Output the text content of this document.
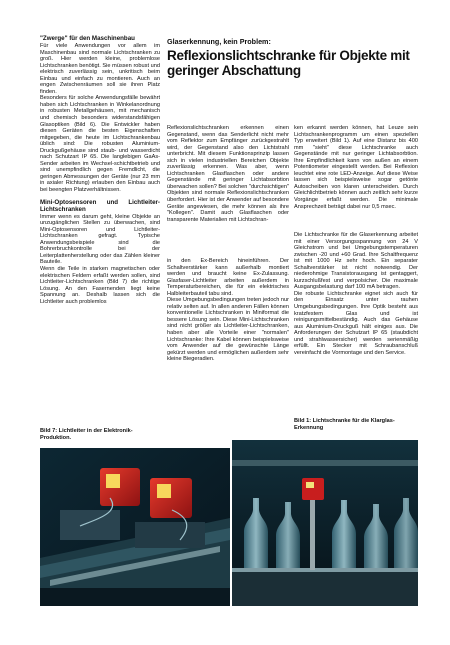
"Zwerge" für den Maschinenbau

Für viele Anwendungen vor allem im Maschinenbau sind normale Lichtschranken zu groß. Hier werden kleine, problemlose Lichtschranken benötigt. Sie müssen robust und elektrisch zuverlässig sein, unkritisch beim Einbau und einfach zu montieren. Auch an engen Zwischenräumen soll sie ihren Platz finden.

Besonders für solche Anwendungsfälle bewährt haben sich Lichtschranken in Winkelanordnung in robusten Metallgehäusen, mit mechanisch und chemisch besonders widerstandsfähigen Glasoptiken (Bild 6). Die Entwickler haben diesen Geräten die besten Eigenschaften mitgegeben, die heute im Lichtschrankenbau üblich sind: Die robusten Aluminium-Druckgußgehäuse sind staub- und wasserdicht nach Schutzart IP 65. Die langlebigen GaAs-Sender arbeiten im Wechsel-schichtbetrieb und sind unempfindlich gegen Fremdlicht, die geringen Abmessungen der Geräte (nur 23 mm in axialer Richtung) erlauben den Einbau auch bei beengten Platzverhältnissen.

Mini-Optosensoren und Lichtleiter-Lichtschranken

Immer wenn es darum geht, kleine Objekte an unzugänglichen Stellen zu überwachen, sind Mini-Optosensoren und Lichtleiter-Lichtschranken gefragt. Typische Anwendungsbeispiele sind die Bohrerbruchkontrolle bei der Leiterplattenherstellung oder das Zählen kleiner Bauteile.

Wenn die Teile in starken magnetischen oder elektrischen Feldern erfaßt werden sollen, sind Lichtleiter-Lichtschranken (Bild 7) die richtige Lösung. An den Fasernenden liegt keine Spannung an. Deshalb lassen sich die Lichtleiter auch problemlos

Glaserkennung, kein Problem:
Reflexionslichtschranke für Objekte mit geringer Abschattung

Reflexionslichtschranken erkennen einen Gegenstand, wenn das Senderlicht nicht mehr vom Reflektor zum Empfänger zurückgestrahlt wird, der Gegenstand also den Lichtstrahl unterbricht. Mit diesem Funktionsprinzip lassen sich in vielen industriellen Bereichen Objekte zuverlässig erkennen. Was aber, wenn Lichtschranken Glasflaschen oder andere Gegenstände mit geringer Lichtabsorbtion überwachen sollen? Bei solchen "durchsichtigen" Objekten sind normale Reflexionslichtschranken überfordert. Hier ist der Anwender auf besondere Geräte angewiesen, die mehr können als ihre "Kollegen". Damit auch Glasflaschen oder transparente Materialien mit Lichtschran-

in den Ex-Bereich hineinführen. Der Schaltverstärker kann außerhalb montiert werden und braucht keine Ex-Zulassung. Glasfaser-Lichtleiter arbeiten außerdem in Temperaturbereichen, die für ein elektrisches Halbleiterbauteil tabu sind.

Diese Umgebungsbedingungen treten jedoch nur relativ selten auf. In allen anderen Fällen können konventionelle Lichtschranken in Miniformat die bessere Lösung sein. Diese Mini-Lichtschranken sind nicht größer als Lichtleiter-Lichtschranken, haben aber alle Vorteile einer "normalen" Lichtschranke: Ihre Kabel können beispielsweise vom Anwender auf die gewünschte Länge gekürzt werden und ermöglichen außerdem sehr kleine Biegeradien.

ken erkannt werden können, hat Leuze sein Lichtschrankenprogramm um einen speziellen Typ erweitert (Bild 1). Auf eine Distanz bis 400 mm "sieht" diese Lichtschranke auch Gegenstände mit nur geringer Lichtabsorbtion. Ihre Empfindlichkeit kann von außen an einem Potentiometer eingestellt werden. Bei Reflexion leuchtet eine rote LED-Anzeige. Auf diese Weise lassen sich beispielsweise sogar getönte Autoscheiben von klaren unterscheiden. Durch Gleichlichtbetrieb können auch zeitlich sehr kurze Vorgänge erfaßt werden. Die minimale Ansprechzeit beträgt dabei nur 0,5 msec.

Die Lichtschranke für die Glaserkennung arbeitet mit einer Versorgungsspannung von 24 V Gleichstrom und bei Umgebungstemperaturen zwischen -20 und +60 Grad. Ihre Schaltfrequenz ist mit 1000 Hz sehr hoch. Ein separater Schaltverstärker ist nicht notwendig. Der niederohmige Transistorausgang ist gentaggert, kurzschlußfest und verpolsicher. Die maximale Ausgangsbelastung darf 100 mA betragen.

Die robuste Lichtschranke eignet sich auch für den Einsatz unter rauhen Umgebungsbedingungen. Ihre Optik besteht aus kratzfestem Glas und ist reinigungsmittelbeständig. Auch das Gehäuse aus Aluminium-Druckguß hält einiges aus. Die Anforderungen der Schutzart IP 65 (staubdicht und strahlwassersicher) werden serienmäßig erfüllt. Ein Stecker mit Schraubanschluß vereinfacht die Vormontage und den Service.

Bild 7: Lichtleiter in der Elektronik-Produktion.
Bild 1: Lichtschranke für die Klarglas-Erkennung
